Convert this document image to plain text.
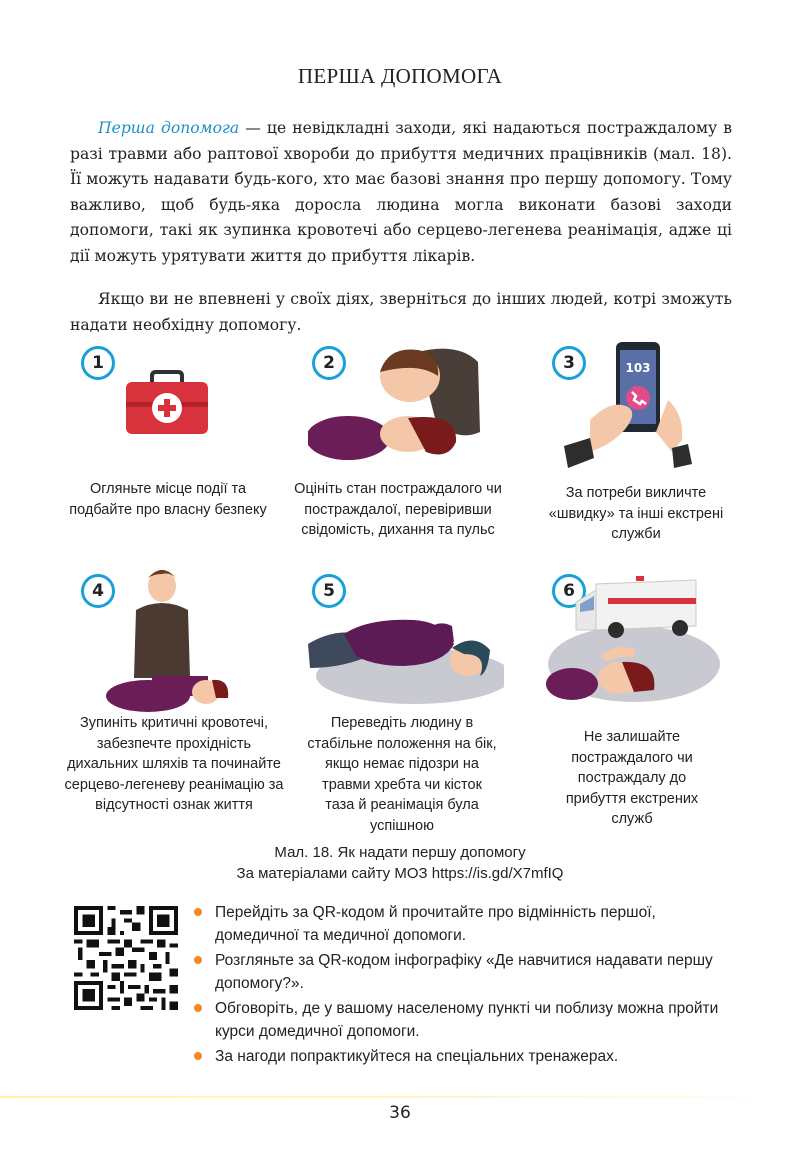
ПЕРША ДОПОМОГА

Перша допомога — це невідкладні заходи, які надаються постраждалому в разі травми або раптової хвороби до прибуття медичних працівників (мал. 18). Її можуть надавати будь-кого, хто має базові знання про першу допомогу. Тому важливо, щоб будь-яка доросла людина могла виконати базові заходи допомоги, такі як зупинка кровотечі або серцево-легенева реанімація, адже ці дії можуть урятувати життя до прибуття лікарів.

Якщо ви не впевнені у своїх діях, зверніться до інших людей, котрі зможуть надати необхідну допомогу.

1
Огляньте місце події та подбайте про власну безпеку
2
Оцініть стан постраждалого чи постраждалої, перевіривши свідомість, дихання та пульс
3	103
За потреби викличте «швидку» та інші екстрені служби
4
Зупиніть критичні кровотечі, забезпечте прохідність дихальних шляхів та починайте серцево-легеневу реанімацію за відсутності ознак життя
5
Переведіть людину в стабільне положення на бік, якщо немає підозри на травми хребта чи кісток таза й реанімація була успішною
6
Не залишайте постраждалого чи постраждалу до прибуття екстрених служб
Мал. 18. Як надати першу допомогу
За матеріалами сайту МОЗ https://is.gd/X7mfIQ
Перейдіть за QR-кодом й прочитайте про відмінність першої, домедичної та медичної допомоги.
Розгляньте за QR-кодом інфографіку «Де навчитися надавати першу допомогу?».
Обговоріть, де у вашому населеному пункті чи поблизу можна пройти курси домедичної допомоги.
За нагоди попрактикуйтеся на спеціальних тренажерах.
36
